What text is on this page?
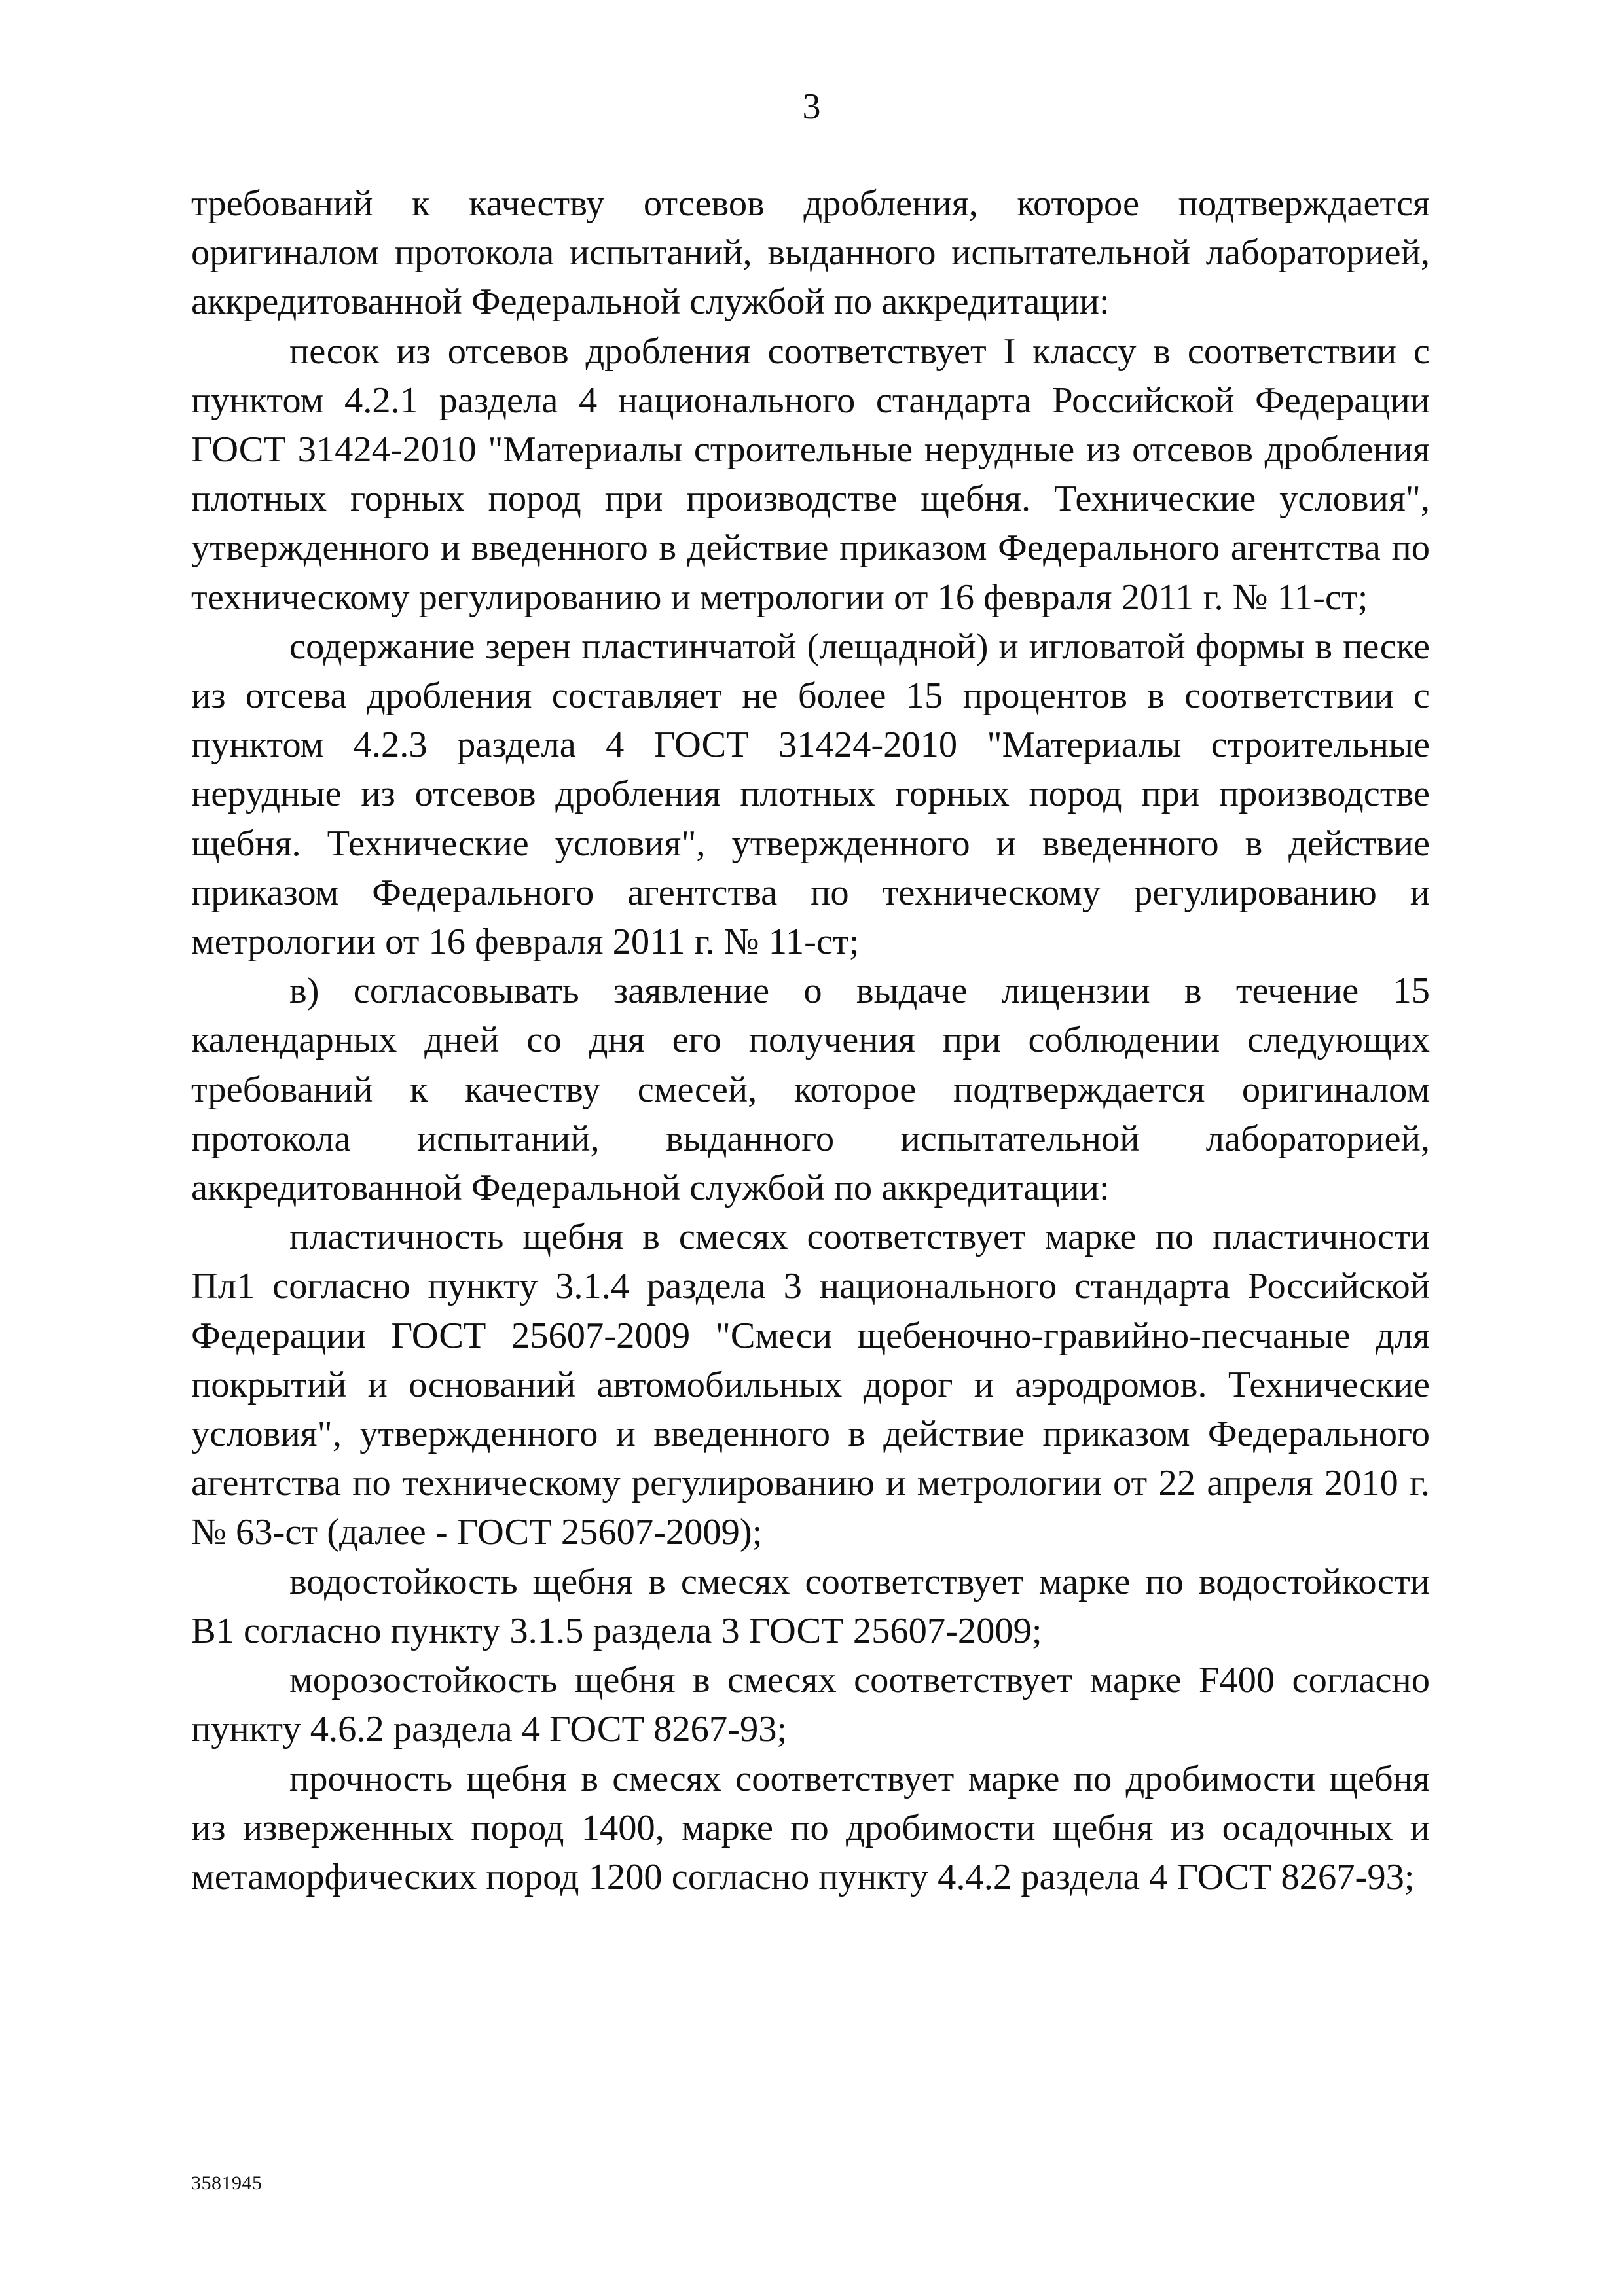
3

требований к качеству отсевов дробления, которое подтверждается оригиналом протокола испытаний, выданного испытательной лабораторией, аккредитованной Федеральной службой по аккредитации:

песок из отсевов дробления соответствует I классу в соответствии с пунктом 4.2.1 раздела 4 национального стандарта Российской Федерации ГОСТ 31424-2010 "Материалы строительные нерудные из отсевов дробления плотных горных пород при производстве щебня. Технические условия", утвержденного и введенного в действие приказом Федерального агентства по техническому регулированию и метрологии от 16 февраля 2011 г. № 11-ст;

содержание зерен пластинчатой (лещадной) и игловатой формы в песке из отсева дробления составляет не более 15 процентов в соответствии с пунктом 4.2.3 раздела 4 ГОСТ 31424-2010 "Материалы строительные нерудные из отсевов дробления плотных горных пород при производстве щебня. Технические условия", утвержденного и введенного в действие приказом Федерального агентства по техническому регулированию и метрологии от 16 февраля 2011 г. № 11-ст;

в) согласовывать заявление о выдаче лицензии в течение 15 календарных дней со дня его получения при соблюдении следующих требований к качеству смесей, которое подтверждается оригиналом протокола испытаний, выданного испытательной лабораторией, аккредитованной Федеральной службой по аккредитации:

пластичность щебня в смесях соответствует марке по пластичности Пл1 согласно пункту 3.1.4 раздела 3 национального стандарта Российской Федерации ГОСТ 25607-2009 "Смеси щебеночно-гравийно-песчаные для покрытий и оснований автомобильных дорог и аэродромов. Технические условия", утвержденного и введенного в действие приказом Федерального агентства по техническому регулированию и метрологии от 22 апреля 2010 г. № 63-ст (далее - ГОСТ 25607-2009);

водостойкость щебня в смесях соответствует марке по водостойкости В1 согласно пункту 3.1.5 раздела 3 ГОСТ 25607-2009;

морозостойкость щебня в смесях соответствует марке F400 согласно пункту 4.6.2 раздела 4 ГОСТ 8267-93;

прочность щебня в смесях соответствует марке по дробимости щебня из изверженных пород 1400, марке по дробимости щебня из осадочных и метаморфических пород 1200 согласно пункту 4.4.2 раздела 4 ГОСТ 8267-93;

3581945
